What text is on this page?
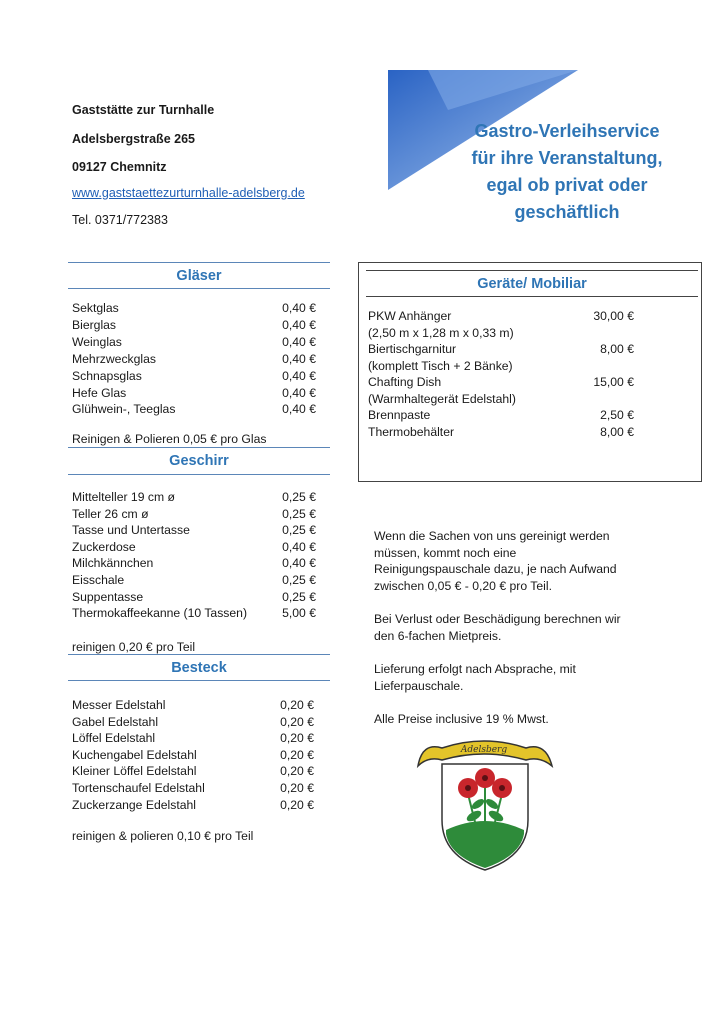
Gaststätte zur Turnhalle
Adelsbergstraße 265
09127 Chemnitz
www.gaststaettezurturnhalle-adelsberg.de
Tel. 0371/772383
Gastro-Verleihservice
für ihre Veranstaltung,
egal ob privat oder
geschäftlich
Gläser
Sektglas	0,40 €
Bierglas	0,40 €
Weinglas	0,40 €
Mehrzweckglas	0,40 €
Schnapsglas	0,40 €
Hefe Glas	0,40 €
Glühwein-, Teeglas	0,40 €
Reinigen & Polieren 0,05 € pro Glas
Geschirr
Mittelteller 19 cm ø	0,25 €
Teller 26 cm ø	0,25 €
Tasse und Untertasse	0,25 €
Zuckerdose	0,40 €
Milchkännchen	0,40 €
Eisschale	0,25 €
Suppentasse	0,25 €
Thermokaffeekanne (10 Tassen)	5,00 €
reinigen 0,20 € pro Teil
Besteck
Messer Edelstahl	0,20 €
Gabel Edelstahl	0,20 €
Löffel Edelstahl	0,20 €
Kuchengabel Edelstahl	0,20 €
Kleiner Löffel Edelstahl	0,20 €
Tortenschaufel Edelstahl	0,20 €
Zuckerzange Edelstahl	0,20 €
reinigen & polieren 0,10 € pro Teil
Geräte/ Mobiliar
PKW Anhänger	30,00 €
(2,50 m x 1,28 m x 0,33 m)
Biertischgarnitur	8,00 €
(komplett Tisch + 2 Bänke)
Chafting Dish	15,00 €
(Warmhaltegerät Edelstahl)
Brennpaste	2,50 €
Thermobehälter	8,00 €
Wenn die Sachen von uns gereinigt werden
müssen, kommt noch eine
Reinigungspauschale dazu, je nach Aufwand
zwischen 0,05 € - 0,20 € pro Teil.
Bei Verlust oder Beschädigung berechnen wir
den 6-fachen Mietpreis.
Lieferung erfolgt nach Absprache, mit
Lieferpauschale.
Alle Preise inclusive 19 % Mwst.
Adelsberg
